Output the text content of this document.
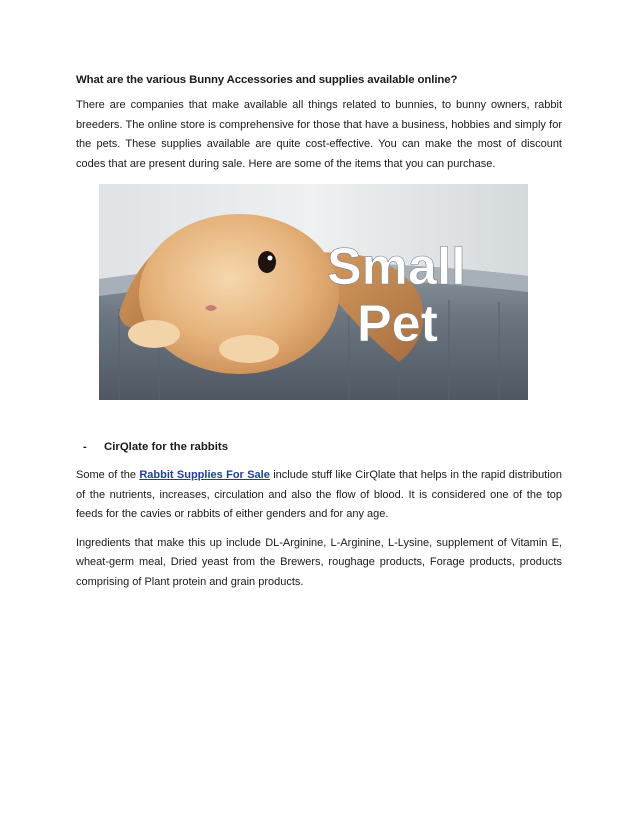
What are the various Bunny Accessories and supplies available online?

There are companies that make available all things related to bunnies, to bunny owners, rabbit breeders. The online store is comprehensive for those that have a business, hobbies and simply for the pets. These supplies available are quite cost-effective. You can make the most of discount codes that are present during sale. Here are some of the items that you can purchase.

Small
Pet
-	CirQlate for the rabbits

Some of the Rabbit Supplies For Sale include stuff like CirQlate that helps in the rapid distribution of the nutrients, increases, circulation and also the flow of blood. It is considered one of the top feeds for the cavies or rabbits of either genders and for any age.

Ingredients that make this up include DL-Arginine, L-Arginine, L-Lysine, supplement of Vitamin E, wheat-germ meal, Dried yeast from the Brewers, roughage products, Forage products, products comprising of Plant protein and grain products.
